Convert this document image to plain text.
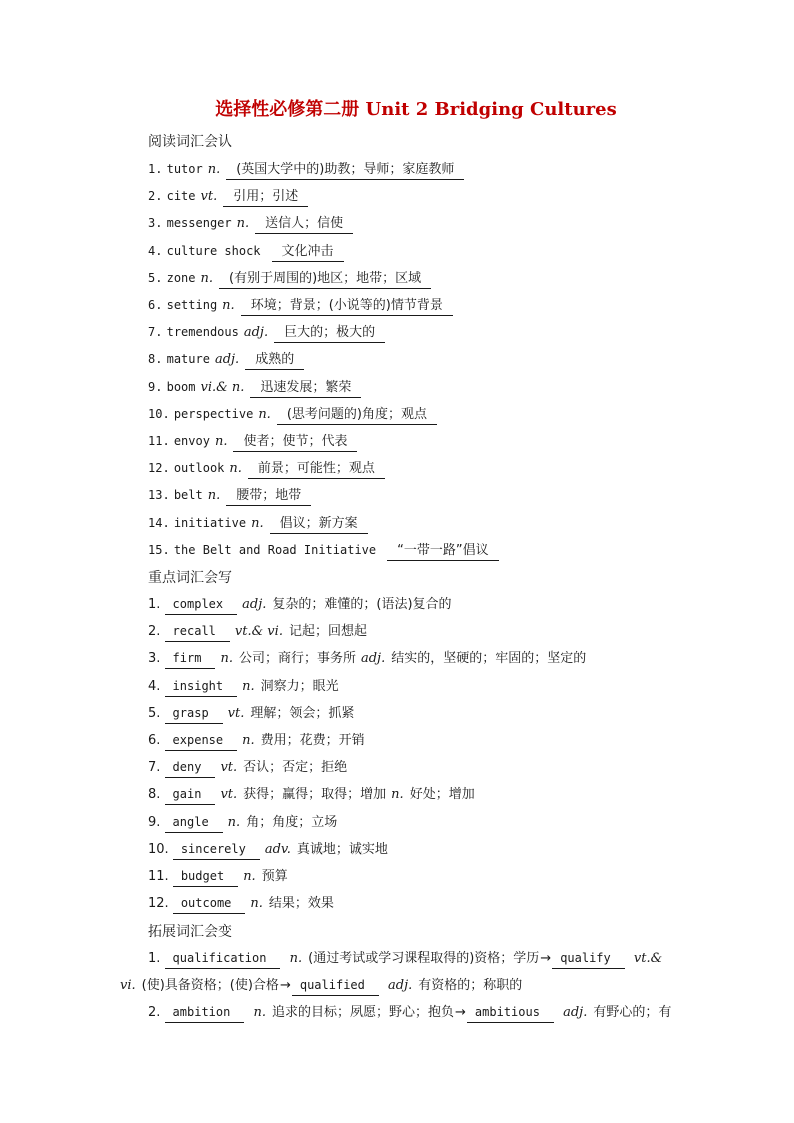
选择性必修第二册 Unit 2 Bridging Cultures
阅读词汇会认
1. tutor n. (英国大学中的)助教；导师；家庭教师
2. cite vt. 引用；引述
3. messenger n. 送信人；信使
4. culture shock 文化冲击
5. zone n. (有别于周围的)地区；地带；区域
6. setting n. 环境；背景；(小说等的)情节背景
7. tremendous adj. 巨大的；极大的
8. mature adj. 成熟的
9. boom vi.& n. 迅速发展；繁荣
10. perspective n. (思考问题的)角度；观点
11. envoy n. 使者；使节；代表
12. outlook n. 前景；可能性；观点
13. belt n. 腰带；地带
14. initiative n. 倡议；新方案
15. the Belt and Road Initiative “一带一路”倡议
重点词汇会写
1. complex adj. 复杂的；难懂的；(语法)复合的
2. recall vt.& vi. 记起；回想起
3. firm n. 公司；商行；事务所 adj. 结实的，坚硬的；牢固的；坚定的
4. insight n. 洞察力；眼光
5. grasp vt. 理解；领会；抓紧
6. expense n. 费用；花费；开销
7. deny vt. 否认；否定；拒绝
8. gain vt. 获得；赢得；取得；增加 n. 好处；增加
9. angle n. 角；角度；立场
10. sincerely adv. 真诚地；诚实地
11. budget n. 预算
12. outcome n. 结果；效果
拓展词汇会变
1. qualification n. (通过考试或学习课程取得的)资格；学历→ qualify vt.&
vi. (使)具备资格；(使)合格→ qualified adj. 有资格的；称职的
2. ambition n. 追求的目标；夙愿；野心；抱负→ ambitious adj. 有野心的；有
